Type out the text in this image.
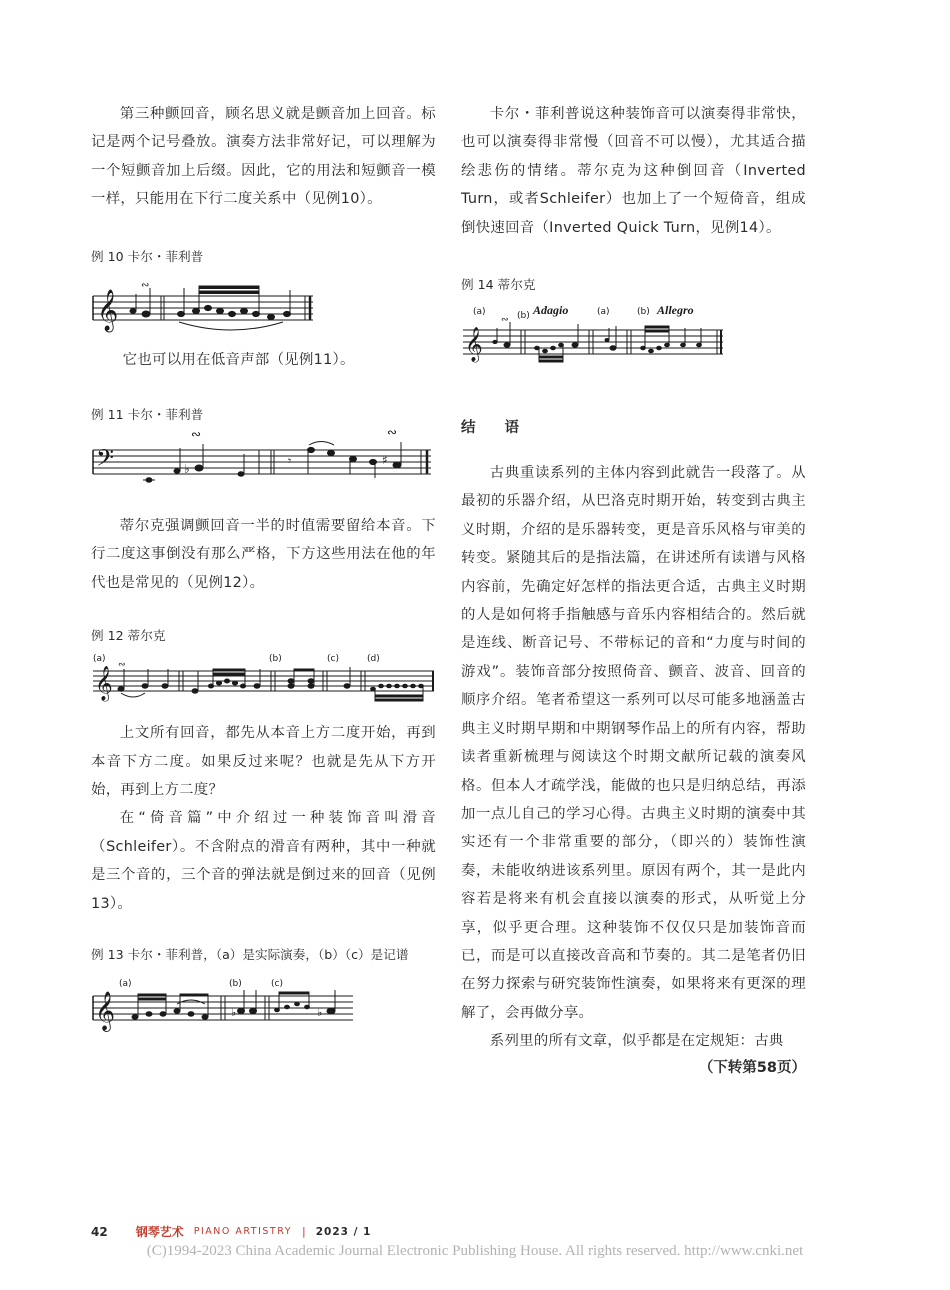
第三种颤回音，顾名思义就是颤音加上回音。标记是两个记号叠放。演奏方法非常好记，可以理解为一个短颤音加上后缀。因此，它的用法和短颤音一模一样，只能用在下行二度关系中（见例10）。

例 10 卡尔・菲利普

𝄞
∾

它也可以用在低音声部（见例11）。

例 11 卡尔・菲利普

𝄢	♭
∾
𝄾	♯
∾

蒂尔克强调颤回音一半的时值需要留给本音。下行二度这事倒没有那么严格，下方这些用法在他的年代也是常见的（见例12）。

例 12 蒂尔克

(a)	(b)	(c)	(d)
𝄞
∾

上文所有回音，都先从本音上方二度开始，再到本音下方二度。如果反过来呢？也就是先从下方开始，再到上方二度？

在“倚音篇”中介绍过一种装饰音叫滑音（Schleifer）。不含附点的滑音有两种，其中一种就是三个音的，三个音的弹法就是倒过来的回音（见例13）。

例 13 卡尔・菲利普，（a）是实际演奏，（b）（c）是记谱

(a)	(b)	(c)
𝄞	♭	♭

卡尔・菲利普说这种装饰音可以演奏得非常快，也可以演奏得非常慢（回音不可以慢），尤其适合描绘悲伤的情绪。蒂尔克为这种倒回音（Inverted Turn，或者Schleifer）也加上了一个短倚音，组成倒快速回音（Inverted Quick Turn，见例14）。

例 14 蒂尔克

(a)	(b) Adagio	(a)	(b) Allegro
𝄞
∾

结 语

古典重读系列的主体内容到此就告一段落了。从最初的乐器介绍，从巴洛克时期开始，转变到古典主义时期，介绍的是乐器转变，更是音乐风格与审美的转变。紧随其后的是指法篇，在讲述所有读谱与风格内容前，先确定好怎样的指法更合适，古典主义时期的人是如何将手指触感与音乐内容相结合的。然后就是连线、断音记号、不带标记的音和“力度与时间的游戏”。装饰音部分按照倚音、颤音、波音、回音的顺序介绍。笔者希望这一系列可以尽可能多地涵盖古典主义时期早期和中期钢琴作品上的所有内容，帮助读者重新梳理与阅读这个时期文献所记载的演奏风格。但本人才疏学浅，能做的也只是归纳总结，再添加一点儿自己的学习心得。古典主义时期的演奏中其实还有一个非常重要的部分，（即兴的）装饰性演奏，未能收纳进该系列里。原因有两个，其一是此内容若是将来有机会直接以演奏的形式，从听觉上分享，似乎更合理。这种装饰不仅仅只是加装饰音而已，而是可以直接改音高和节奏的。其二是笔者仍旧在努力探索与研究装饰性演奏，如果将来有更深的理解了，会再做分享。

系列里的所有文章，似乎都是在定规矩：古典

（下转第58页）

42 钢琴艺术 PIANO ARTISTRY | 2023 / 1
(C)1994-2023 China Academic Journal Electronic Publishing House. All rights reserved. http://www.cnki.net
